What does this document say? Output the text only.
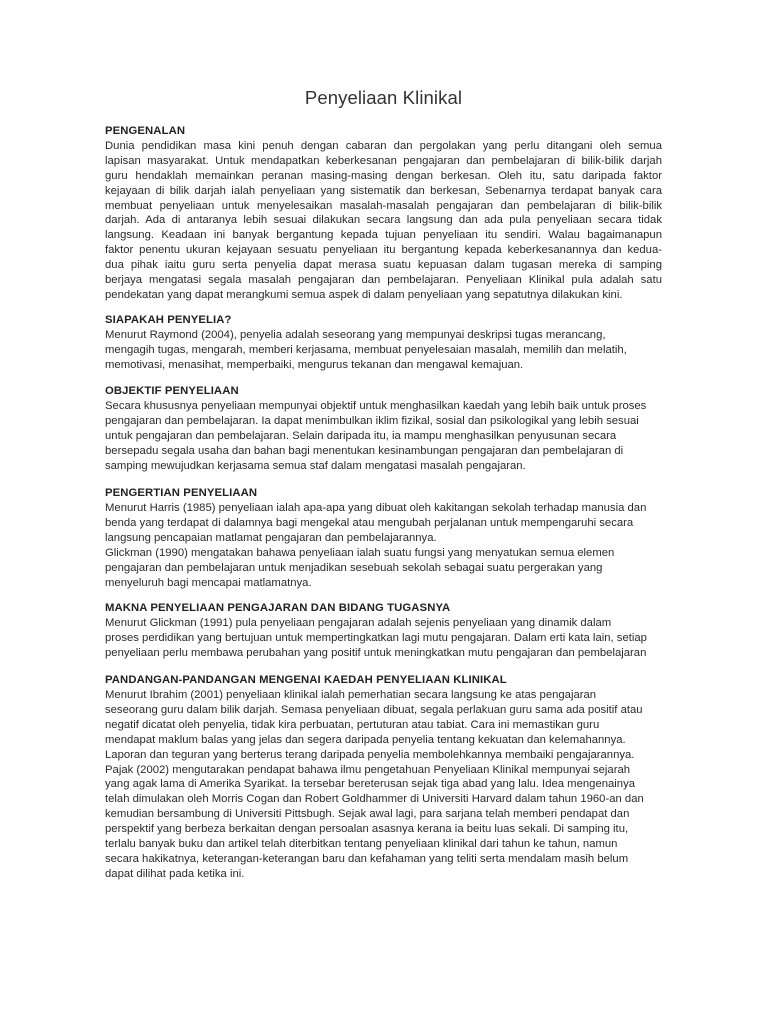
Penyeliaan Klinikal
PENGENALAN
Dunia pendidikan masa kini penuh dengan cabaran dan pergolakan yang perlu ditangani oleh semua
lapisan masyarakat. Untuk mendapatkan keberkesanan pengajaran dan pembelajaran di bilik-bilik darjah
guru hendaklah memainkan peranan masing-masing dengan berkesan. Oleh itu, satu daripada faktor
kejayaan di bilik darjah ialah penyeliaan yang sistematik dan berkesan, Sebenarnya terdapat banyak cara
membuat penyeliaan untuk menyelesaikan masalah-masalah pengajaran dan pembelajaran di bilik-bilik
darjah. Ada di antaranya lebih sesuai dilakukan secara langsung dan ada pula penyeliaan secara tidak
langsung. Keadaan ini banyak bergantung kepada tujuan penyeliaan itu sendiri. Walau bagaimanapun
faktor penentu ukuran kejayaan sesuatu penyeliaan itu bergantung kepada keberkesanannya dan kedua-
dua pihak iaitu guru serta penyelia dapat merasa suatu kepuasan dalam tugasan mereka di samping
berjaya mengatasi segala masalah pengajaran dan pembelajaran. Penyeliaan Klinikal pula adalah satu
pendekatan yang dapat merangkumi semua aspek di dalam penyeliaan yang sepatutnya dilakukan kini.
SIAPAKAH PENYELIA?
Menurut Raymond (2004), penyelia adalah seseorang yang mempunyai deskripsi tugas merancang,
mengagih tugas, mengarah, memberi kerjasama, membuat penyelesaian masalah, memilih dan melatih,
memotivasi, menasihat, memperbaiki, mengurus tekanan dan mengawal kemajuan.
OBJEKTIF PENYELIAAN
Secara khususnya penyeliaan mempunyai objektif untuk menghasilkan kaedah yang lebih baik untuk proses
pengajaran dan pembelajaran. Ia dapat menimbulkan iklim fizikal, sosial dan psikologikal yang lebih sesuai
untuk pengajaran dan pembelajaran. Selain daripada itu, ia mampu menghasilkan penyusunan secara
bersepadu segala usaha dan bahan bagi menentukan kesinambungan pengajaran dan pembelajaran di
samping mewujudkan kerjasama semua staf dalam mengatasi masalah pengajaran.
PENGERTIAN PENYELIAAN
Menurut Harris (1985) penyeliaan ialah apa-apa yang dibuat oleh kakitangan sekolah terhadap manusia dan
benda yang terdapat di dalamnya bagi mengekal atau mengubah perjalanan untuk mempengaruhi secara
langsung pencapaian matlamat pengajaran dan pembelajarannya.
Glickman (1990) mengatakan bahawa penyeliaan ialah suatu fungsi yang menyatukan semua elemen
pengajaran dan pembelajaran untuk menjadikan sesebuah sekolah sebagai suatu pergerakan yang
menyeluruh bagi mencapai matlamatnya.
MAKNA PENYELIAAN PENGAJARAN DAN BIDANG TUGASNYA
Menurut Glickman (1991) pula penyeliaan pengajaran adalah sejenis penyeliaan yang dinamik dalam
proses perdidikan yang bertujuan untuk mempertingkatkan lagi mutu pengajaran. Dalam erti kata lain, setiap
penyeliaan perlu membawa perubahan yang positif untuk meningkatkan mutu pengajaran dan pembelajaran
PANDANGAN-PANDANGAN MENGENAI KAEDAH PENYELIAAN KLINIKAL
Menurut Ibrahim (2001) penyeliaan klinikal ialah pemerhatian secara langsung ke atas pengajaran
seseorang guru dalam bilik darjah. Semasa penyeliaan dibuat, segala perlakuan guru sama ada positif atau
negatif dicatat oleh penyelia, tidak kira perbuatan, pertuturan atau tabiat. Cara ini memastikan guru
mendapat maklum balas yang jelas dan segera daripada penyelia tentang kekuatan dan kelemahannya.
Laporan dan teguran yang berterus terang daripada penyelia membolehkannya membaiki pengajarannya.
Pajak (2002) mengutarakan pendapat bahawa ilmu pengetahuan Penyeliaan Klinikal mempunyai sejarah
yang agak lama di Amerika Syarikat. Ia tersebar bereterusan sejak tiga abad yang lalu. Idea mengenainya
telah dimulakan oleh Morris Cogan dan Robert Goldhammer di Universiti Harvard dalam tahun 1960-an dan
kemudian bersambung di Universiti Pittsbugh. Sejak awal lagi, para sarjana telah memberi pendapat dan
perspektif yang berbeza berkaitan dengan persoalan asasnya kerana ia beitu luas sekali. Di samping itu,
terlalu banyak buku dan artikel telah diterbitkan tentang penyeliaan klinikal dari tahun ke tahun, namun
secara hakikatnya, keterangan-keterangan baru dan kefahaman yang teliti serta mendalam masih belum
dapat dilihat pada ketika ini.
